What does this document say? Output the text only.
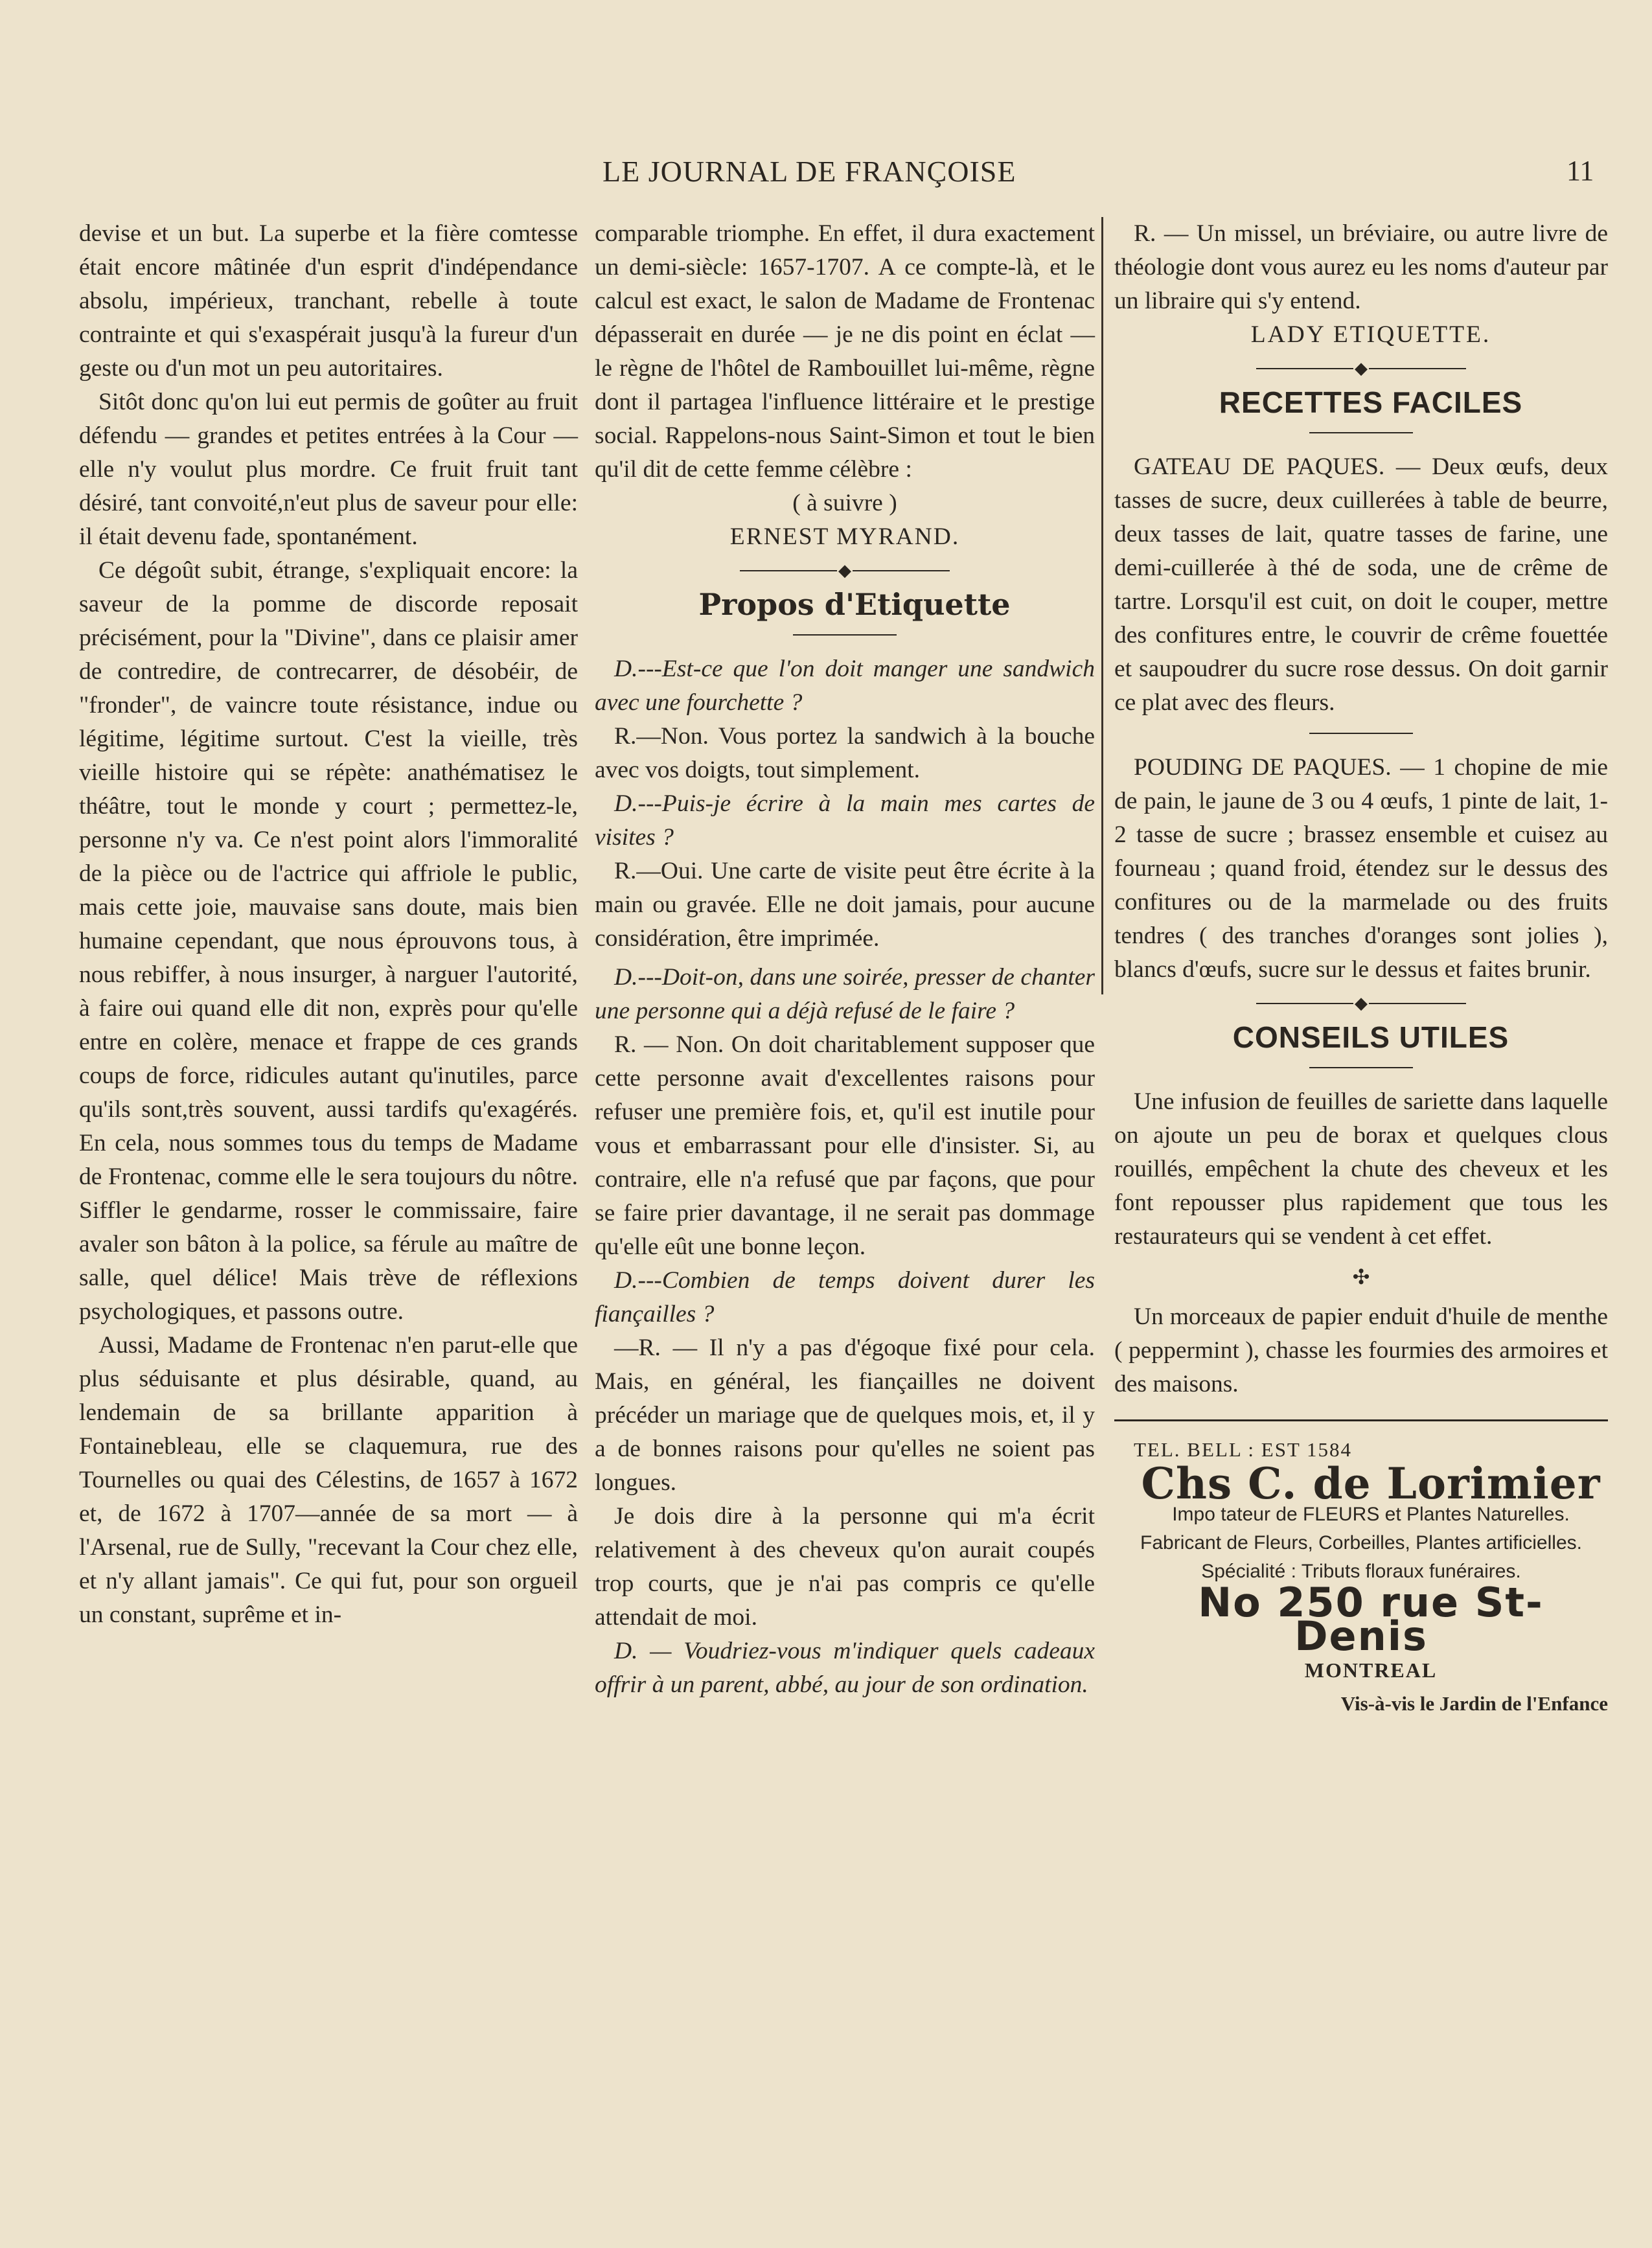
LE JOURNAL DE FRANÇOISE	11

devise et un but. La superbe et la fière comtesse était encore mâtinée d'un esprit d'indépendance absolu, impérieux, tranchant, rebelle à toute contrainte et qui s'exaspérait jusqu'à la fureur d'un geste ou d'un mot un peu autoritaires.

Sitôt donc qu'on lui eut permis de goûter au fruit défendu — grandes et petites entrées à la Cour — elle n'y voulut plus mordre. Ce fruit fruit tant désiré, tant convoité,n'eut plus de saveur pour elle: il était devenu fade, spontanément.

Ce dégoût subit, étrange, s'expliquait encore: la saveur de la pomme de discorde reposait précisément, pour la "Divine", dans ce plaisir amer de contredire, de contrecarrer, de désobéir, de "fronder", de vaincre toute résistance, indue ou légitime, légitime surtout. C'est la vieille, très vieille histoire qui se répète: anathématisez le théâtre, tout le monde y court ; permettez-le, personne n'y va. Ce n'est point alors l'immoralité de la pièce ou de l'actrice qui affriole le public, mais cette joie, mauvaise sans doute, mais bien humaine cependant, que nous éprouvons tous, à nous rebiffer, à nous insurger, à narguer l'autorité, à faire oui quand elle dit non, exprès pour qu'elle entre en colère, menace et frappe de ces grands coups de force, ridicules autant qu'inutiles, parce qu'ils sont,très souvent, aussi tardifs qu'exagérés. En cela, nous sommes tous du temps de Madame de Frontenac, comme elle le sera toujours du nôtre. Siffler le gendarme, rosser le commissaire, faire avaler son bâton à la police, sa férule au maître de salle, quel délice! Mais trève de réflexions psychologiques, et passons outre.

Aussi, Madame de Frontenac n'en parut-elle que plus séduisante et plus désirable, quand, au lendemain de sa brillante apparition à Fontainebleau, elle se claquemura, rue des Tournelles ou quai des Célestins, de 1657 à 1672 et, de 1672 à 1707—année de sa mort — à l'Arsenal, rue de Sully, "recevant la Cour chez elle, et n'y allant jamais". Ce qui fut, pour son orgueil un constant, suprême et in-

comparable triomphe. En effet, il dura exactement un demi-siècle: 1657-1707. A ce compte-là, et le calcul est exact, le salon de Madame de Frontenac dépasserait en durée — je ne dis point en éclat — le règne de l'hôtel de Rambouillet lui-même, règne dont il partagea l'influence littéraire et le prestige social. Rappelons-nous Saint-Simon et tout le bien qu'il dit de cette femme célèbre :

( à suivre )

ERNEST MYRAND.

◆

Propos d'Etiquette

D.---Est-ce que l'on doit manger une sandwich avec une fourchette ?

R.—Non. Vous portez la sandwich à la bouche avec vos doigts, tout simplement.

D.---Puis-je écrire à la main mes cartes de visites ?

R.—Oui. Une carte de visite peut être écrite à la main ou gravée. Elle ne doit jamais, pour aucune considération, être imprimée.

D.---Doit-on, dans une soirée, presser de chanter une personne qui a déjà refusé de le faire ?

R. — Non. On doit charitablement supposer que cette personne avait d'excellentes raisons pour refuser une première fois, et, qu'il est inutile pour vous et embarrassant pour elle d'insister. Si, au contraire, elle n'a refusé que par façons, que pour se faire prier davantage, il ne serait pas dommage qu'elle eût une bonne leçon.

D.---Combien de temps doivent durer les fiançailles ?

—R. — Il n'y a pas d'égoque fixé pour cela. Mais, en général, les fiançailles ne doivent précéder un mariage que de quelques mois, et, il y a de bonnes raisons pour qu'elles ne soient pas longues.

Je dois dire à la personne qui m'a écrit relativement à des cheveux qu'on aurait coupés trop courts, que je n'ai pas compris ce qu'elle attendait de moi.

D. — Voudriez-vous m'indiquer quels cadeaux offrir à un parent, abbé, au jour de son ordination.

R. — Un missel, un bréviaire, ou autre livre de théologie dont vous aurez eu les noms d'auteur par un libraire qui s'y entend.

LADY ETIQUETTE.

◆

RECETTES FACILES

GATEAU DE PAQUES. — Deux œufs, deux tasses de sucre, deux cuillerées à table de beurre, deux tasses de lait, quatre tasses de farine, une demi-cuillerée à thé de soda, une de crême de tartre. Lorsqu'il est cuit, on doit le couper, mettre des confitures entre, le couvrir de crême fouettée et saupoudrer du sucre rose dessus. On doit garnir ce plat avec des fleurs.

POUDING DE PAQUES. — 1 chopine de mie de pain, le jaune de 3 ou 4 œufs, 1 pinte de lait, 1-2 tasse de sucre ; brassez ensemble et cuisez au fourneau ; quand froid, étendez sur le dessus des confitures ou de la marmelade ou des fruits tendres ( des tranches d'oranges sont jolies ), blancs d'œufs, sucre sur le dessus et faites brunir.

◆

CONSEILS UTILES

Une infusion de feuilles de sariette dans laquelle on ajoute un peu de borax et quelques clous rouillés, empêchent la chute des cheveux et les font repousser plus rapidement que tous les restaurateurs qui se vendent à cet effet.

✣

Un morceaux de papier enduit d'huile de menthe ( peppermint ), chasse les fourmies des armoires et des maisons.

TEL. BELL : EST 1584

Chs C. de Lorimier

Impo tateur de FLEURS et Plantes Naturelles. Fabricant de Fleurs, Corbeilles, Plantes artificielles. Spécialité : Tributs floraux funéraires.

No 250 rue St-Denis

MONTREAL

Vis-à-vis le Jardin de l'Enfance
